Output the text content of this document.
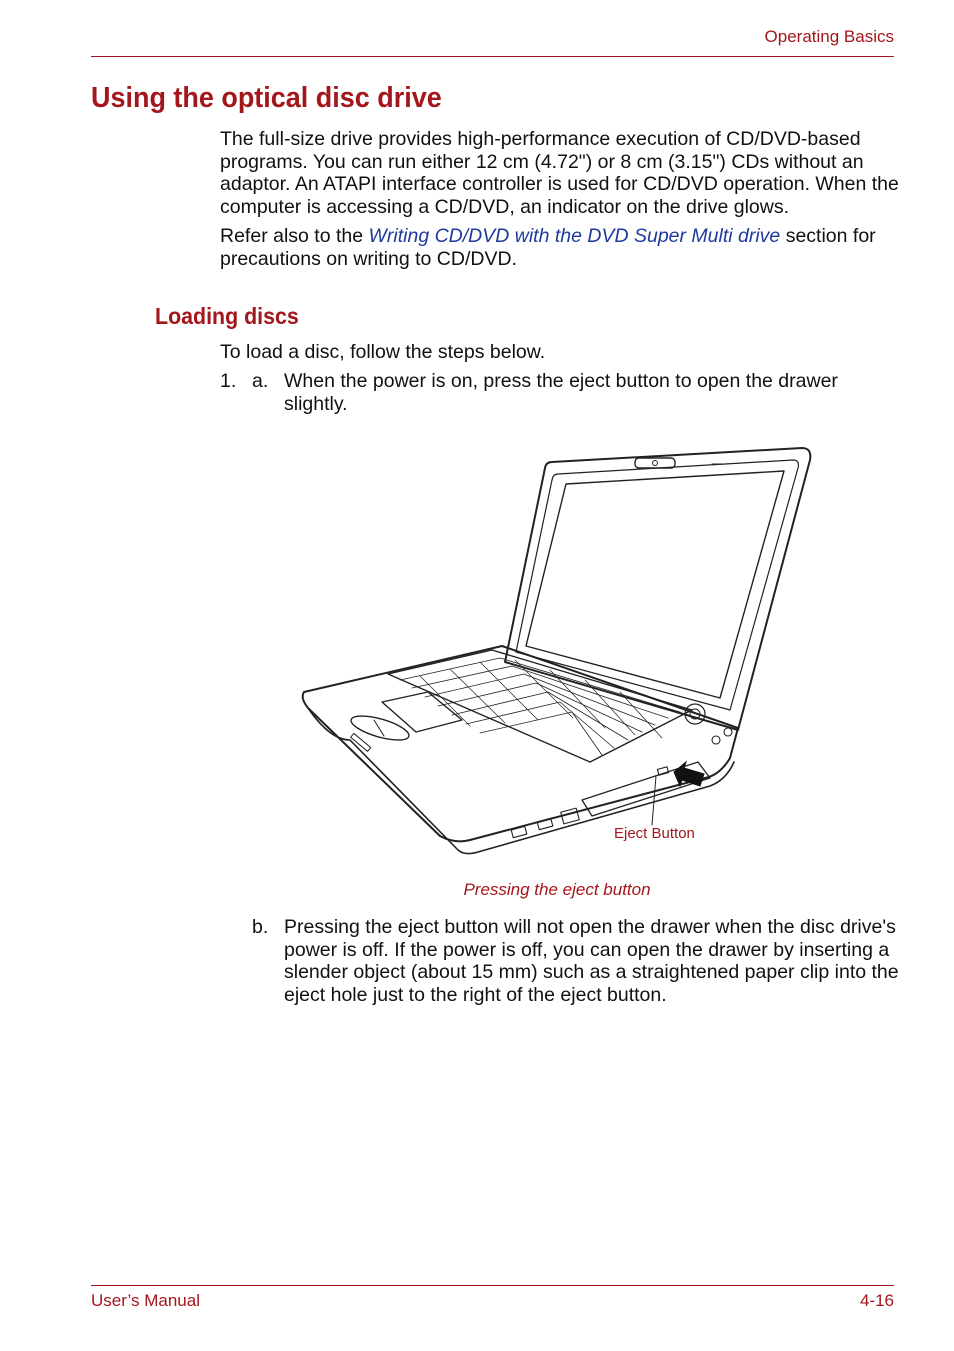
Operating Basics
Using the optical disc drive
The full-size drive provides high-performance execution of CD/DVD-based programs. You can run either 12 cm (4.72") or 8 cm (3.15") CDs without an adaptor. An ATAPI interface controller is used for CD/DVD operation. When the computer is accessing a CD/DVD, an indicator on the drive glows.
Refer also to the Writing CD/DVD with the DVD Super Multi drive section for precautions on writing to CD/DVD.
Loading discs
To load a disc, follow the steps below.
1. a. When the power is on, press the eject button to open the drawer slightly.
Eject Button
Pressing the eject button
b. Pressing the eject button will not open the drawer when the disc drive's power is off. If the power is off, you can open the drawer by inserting a slender object (about 15 mm) such as a straightened paper clip into the eject hole just to the right of the eject button.
User’s Manual	4-16
